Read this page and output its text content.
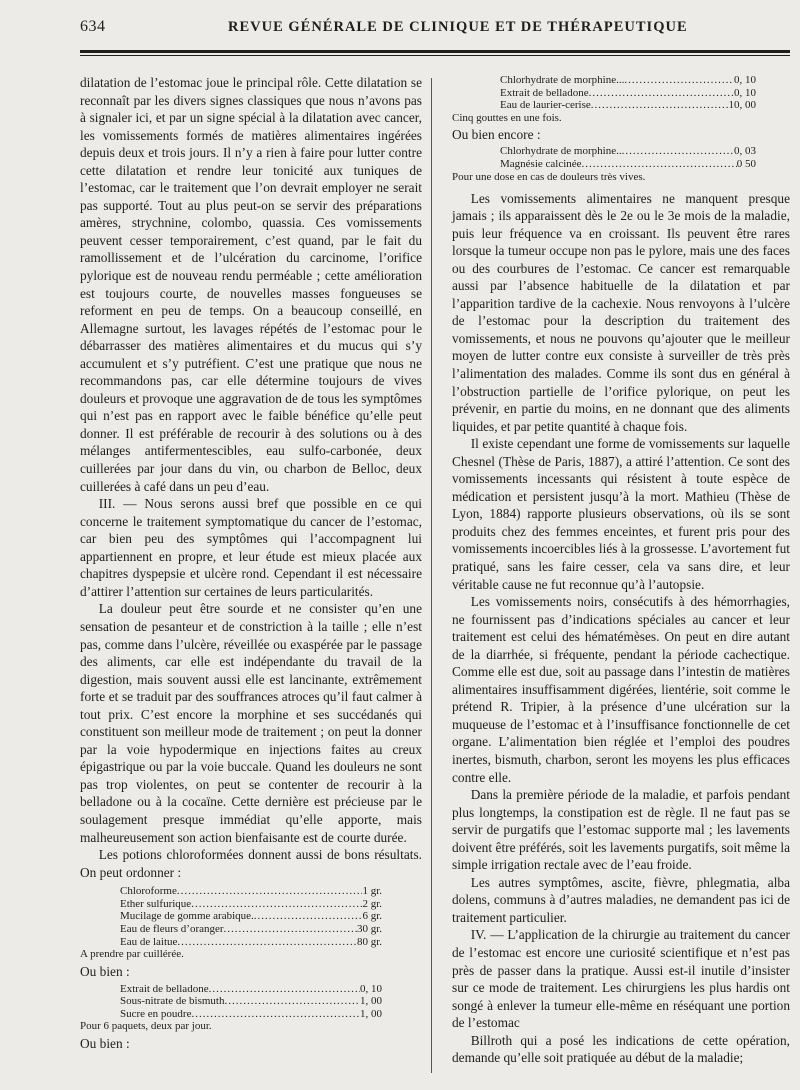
634	REVUE GÉNÉRALE DE CLINIQUE ET DE THÉRAPEUTIQUE

dilatation de l’estomac joue le principal rôle. Cette dilatation se reconnaît par les divers signes classiques que nous n’avons pas à signaler ici, et par un signe spécial à la dilatation avec cancer, les vomissements formés de matières alimentaires ingérées depuis deux et trois jours. Il n’y a rien à faire pour lutter contre cette dilatation et rendre leur tonicité aux tuniques de l’estomac, car le traitement que l’on devrait employer ne serait pas supporté. Tout au plus peut-on se servir des préparations amères, strychnine, colombo, quassia. Ces vomissements peuvent cesser temporairement, c’est quand, par le fait du ramollissement et de l’ulcération du carcinome, l’orifice pylorique est de nouveau rendu perméable ; cette amélioration est toujours courte, de nouvelles masses fongueuses se reforment en peu de temps. On a beaucoup conseillé, en Allemagne surtout, les lavages répétés de l’estomac pour le débarrasser des matières alimentaires et du mucus qui s’y accumulent et s’y putréfient. C’est une pratique que nous ne recommandons pas, car elle détermine toujours de vives douleurs et provoque une aggravation de de tous les symptômes qui n’est pas en rapport avec le faible bénéfice qu’elle peut donner. Il est préférable de recourir à des solutions ou à des mélanges antifermentescibles, eau sulfo-carbonée, deux cuillerées par jour dans du vin, ou charbon de Belloc, deux cuillerées à café dans un peu d’eau.

III. — Nous serons aussi bref que possible en ce qui concerne le traitement symptomatique du cancer de l’estomac, car bien peu des symptômes qui l’accompagnent lui appartiennent en propre, et leur étude est mieux placée aux chapitres dyspepsie et ulcère rond. Cependant il est nécessaire d’attirer l’attention sur certaines de leurs particularités.

La douleur peut être sourde et ne consister qu’en une sensation de pesanteur et de constriction à la taille ; elle n’est pas, comme dans l’ulcère, réveillée ou exaspérée par le passage des aliments, car elle est indépendante du travail de la digestion, mais souvent aussi elle est lancinante, extrêmement forte et se traduit par des souffrances atroces qu’il faut calmer à tout prix. C’est encore la morphine et ses succédanés qui constituent son meilleur mode de traitement ; on peut la donner par la voie hypodermique en injections faites au creux épigastrique ou par la voie buccale. Quand les douleurs ne sont pas trop violentes, on peut se contenter de recourir à la belladone ou à la cocaïne. Cette dernière est précieuse par le soulagement presque immédiat qu’elle apporte, mais malheureusement son action bienfaisante est de courte durée.

Les potions chloroformées donnent aussi de bons résultats. On peut ordonner :

Chloroforme .....	1 gr.
Ether sulfurique .....	2 gr.
Mucilage de gomme arabique. .....	6 gr.
Eau de fleurs d’oranger .....	30 gr.
Eau de laitue .....	80 gr.
A prendre par cuillérée.
Ou bien :
Extrait de belladone .....	0, 10
Sous-nitrate de bismuth .....	1, 00
Sucre en poudre .....	1, 00
Pour 6 paquets, deux par jour.
Ou bien :
Chlorhydrate de morphine... .....	0, 10
Extrait de belladone .....	0, 10
Eau de laurier-cerise .....	10, 00
Cinq gouttes en une fois.
Ou bien encore :
Chlorhydrate de morphine.. .....	0, 03
Magnésie calcinée .....	0 50
Pour une dose en cas de douleurs très vives.

Les vomissements alimentaires ne manquent presque jamais ; ils apparaissent dès le 2e ou le 3e mois de la maladie, puis leur fréquence va en croissant. Ils peuvent être rares lorsque la tumeur occupe non pas le pylore, mais une des faces ou des courbures de l’estomac. Ce cancer est remarquable aussi par l’absence habituelle de la dilatation et par l’apparition tardive de la cachexie. Nous renvoyons à l’ulcère de l’estomac pour la description du traitement des vomissements, et nous ne pouvons qu’ajouter que le meilleur moyen de lutter contre eux consiste à surveiller de très près l’alimentation des malades. Comme ils sont dus en général à l’obstruction partielle de l’orifice pylorique, on peut les prévenir, en partie du moins, en ne donnant que des aliments liquides, et par petite quantité à chaque fois.

Il existe cependant une forme de vomissements sur laquelle Chesnel (Thèse de Paris, 1887), a attiré l’attention. Ce sont des vomissements incessants qui résistent à toute espèce de médication et persistent jusqu’à la mort. Mathieu (Thèse de Lyon, 1884) rapporte plusieurs observations, où ils se sont produits chez des femmes enceintes, et furent pris pour des vomissements incoercibles liés à la grossesse. L’avortement fut pratiqué, sans les faire cesser, cela va sans dire, et leur véritable cause ne fut reconnue qu’à l’autopsie.

Les vomissements noirs, consécutifs à des hémorrhagies, ne fournissent pas d’indications spéciales au cancer et leur traitement est celui des hématémèses. On peut en dire autant de la diarrhée, si fréquente, pendant la période cachectique. Comme elle est due, soit au passage dans l’intestin de matières alimentaires insuffisamment digérées, lientérie, soit comme le prétend R. Tripier, à la présence d’une ulcération sur la muqueuse de l’estomac et à l’insuffisance fonctionnelle de cet organe. L’alimentation bien réglée et l’emploi des poudres inertes, bismuth, charbon, seront les moyens les plus efficaces contre elle.

Dans la première période de la maladie, et parfois pendant plus longtemps, la constipation est de règle. Il ne faut pas se servir de purgatifs que l’estomac supporte mal ; les lavements doivent être préférés, soit les lavements purgatifs, soit même la simple irrigation rectale avec de l’eau froide.

Les autres symptômes, ascite, fièvre, phlegmatia, alba dolens, communs à d’autres maladies, ne demandent pas ici de traitement particulier.

IV. — L’application de la chirurgie au traitement du cancer de l’estomac est encore une curiosité scientifique et n’est pas près de passer dans la pratique. Aussi est-il inutile d’insister sur ce mode de traitement. Les chirurgiens les plus hardis ont songé à enlever la tumeur elle-même en réséquant une portion de l’estomac

Billroth qui a posé les indications de cette opération, demande qu’elle soit pratiquée au début de la maladie;
